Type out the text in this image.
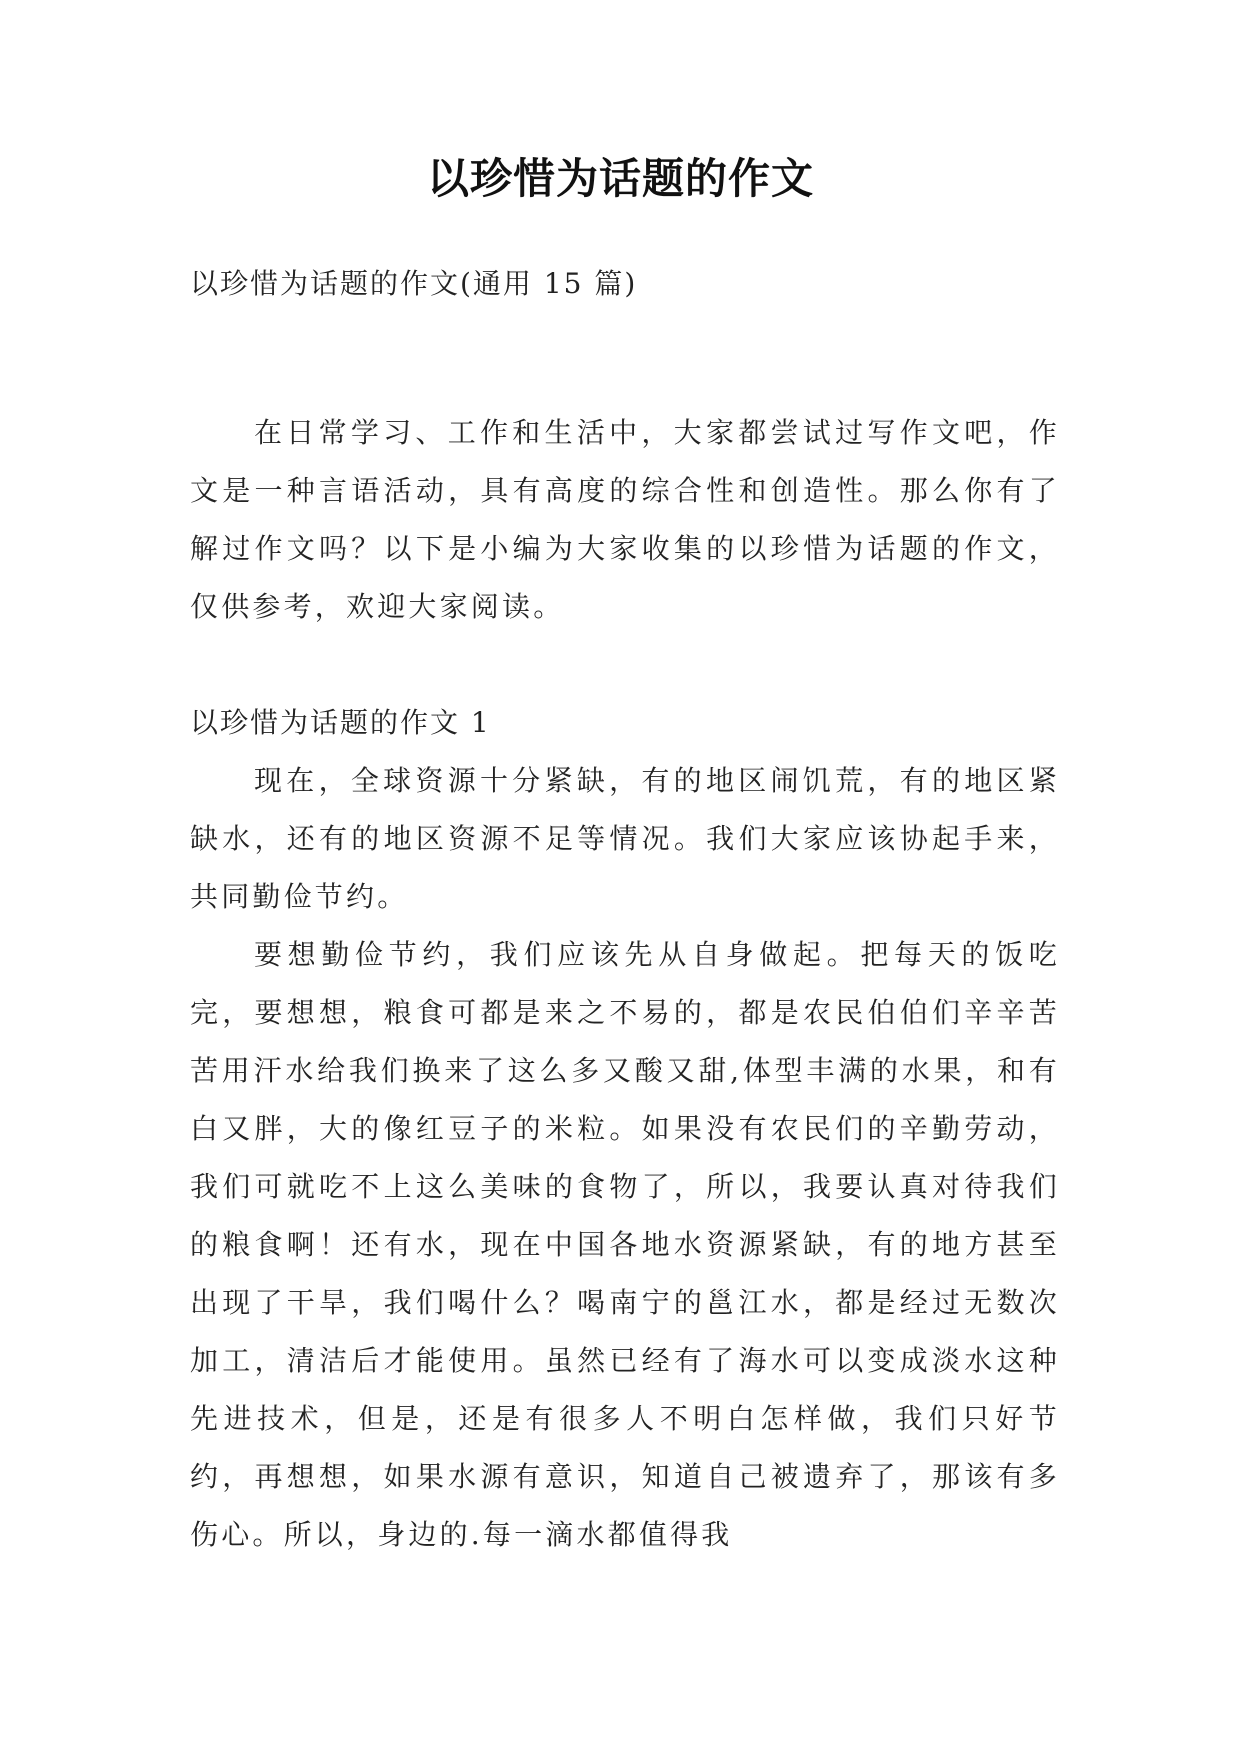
以珍惜为话题的作文

以珍惜为话题的作文(通用 15 篇)

在日常学习、工作和生活中，大家都尝试过写作文吧，作文是一种言语活动，具有高度的综合性和创造性。那么你有了解过作文吗？以下是小编为大家收集的以珍惜为话题的作文，仅供参考，欢迎大家阅读。

以珍惜为话题的作文 1

现在，全球资源十分紧缺，有的地区闹饥荒，有的地区紧缺水，还有的地区资源不足等情况。我们大家应该协起手来，共同勤俭节约。

要想勤俭节约，我们应该先从自身做起。把每天的饭吃完，要想想，粮食可都是来之不易的，都是农民伯伯们辛辛苦苦用汗水给我们换来了这么多又酸又甜,体型丰满的水果，和有白又胖，大的像红豆子的米粒。如果没有农民们的辛勤劳动，我们可就吃不上这么美味的食物了，所以，我要认真对待我们的粮食啊！还有水，现在中国各地水资源紧缺，有的地方甚至出现了干旱，我们喝什么？喝南宁的邕江水，都是经过无数次加工，清洁后才能使用。虽然已经有了海水可以变成淡水这种先进技术，但是，还是有很多人不明白怎样做，我们只好节约，再想想，如果水源有意识，知道自己被遗弃了，那该有多伤心。所以，身边的.每一滴水都值得我
